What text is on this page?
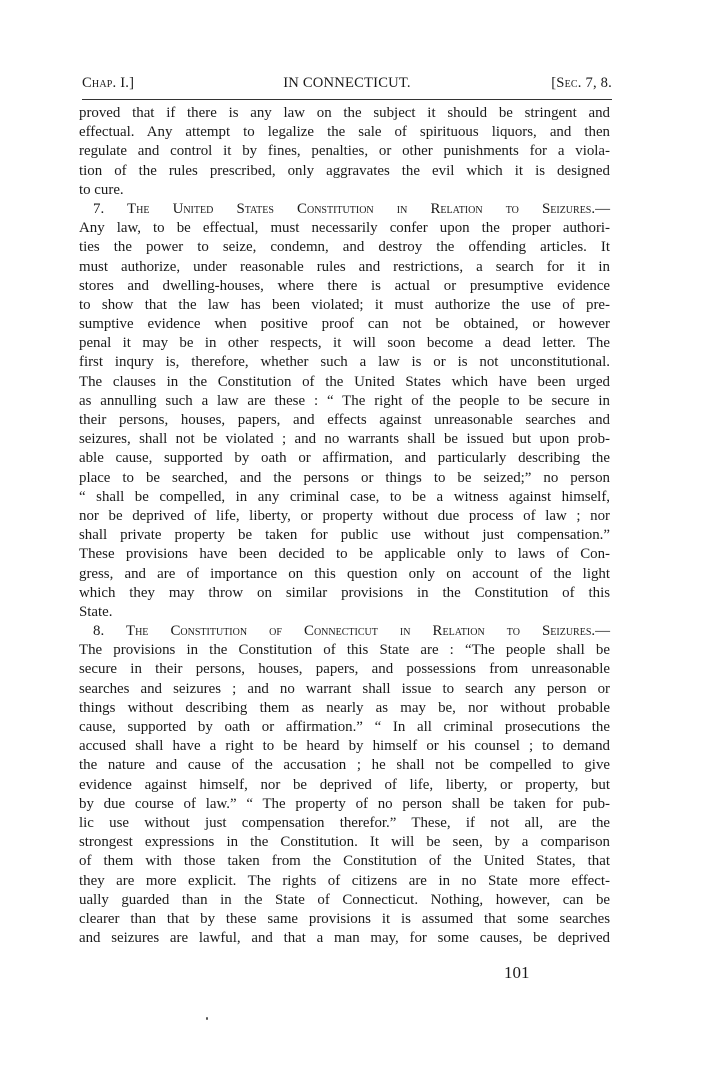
Chap. I.]	IN CONNECTICUT.	[Sec. 7, 8.
proved that if there is any law on the subject it should be stringent and
effectual. Any attempt to legalize the sale of spirituous liquors, and then
regulate and control it by fines, penalties, or other punishments for a viola-
tion of the rules prescribed, only aggravates the evil which it is designed
to cure.
7. The United States Constitution in Relation to Seizures.—
Any law, to be effectual, must necessarily confer upon the proper authori-
ties the power to seize, condemn, and destroy the offending articles. It
must authorize, under reasonable rules and restrictions, a search for it in
stores and dwelling-houses, where there is actual or presumptive evidence
to show that the law has been violated; it must authorize the use of pre-
sumptive evidence when positive proof can not be obtained, or however
penal it may be in other respects, it will soon become a dead letter. The
first inqury is, therefore, whether such a law is or is not unconstitutional.
The clauses in the Constitution of the United States which have been urged
as annulling such a law are these : “ The right of the people to be secure in
their persons, houses, papers, and effects against unreasonable searches and
seizures, shall not be violated ; and no warrants shall be issued but upon prob-
able cause, supported by oath or affirmation, and particularly describing the
place to be searched, and the persons or things to be seized;” no person
“ shall be compelled, in any criminal case, to be a witness against himself,
nor be deprived of life, liberty, or property without due process of law ; nor
shall private property be taken for public use without just compensation.”
These provisions have been decided to be applicable only to laws of Con-
gress, and are of importance on this question only on account of the light
which they may throw on similar provisions in the Constitution of this
State.
8. The Constitution of Connecticut in Relation to Seizures.—
The provisions in the Constitution of this State are : “The people shall be
secure in their persons, houses, papers, and possessions from unreasonable
searches and seizures ; and no warrant shall issue to search any person or
things without describing them as nearly as may be, nor without probable
cause, supported by oath or affirmation.” “ In all criminal prosecutions the
accused shall have a right to be heard by himself or his counsel ; to demand
the nature and cause of the accusation ; he shall not be compelled to give
evidence against himself, nor be deprived of life, liberty, or property, but
by due course of law.” “ The property of no person shall be taken for pub-
lic use without just compensation therefor.” These, if not all, are the
strongest expressions in the Constitution. It will be seen, by a comparison
of them with those taken from the Constitution of the United States, that
they are more explicit. The rights of citizens are in no State more effect-
ually guarded than in the State of Connecticut. Nothing, however, can be
clearer than that by these same provisions it is assumed that some searches
and seizures are lawful, and that a man may, for some causes, be deprived
101
